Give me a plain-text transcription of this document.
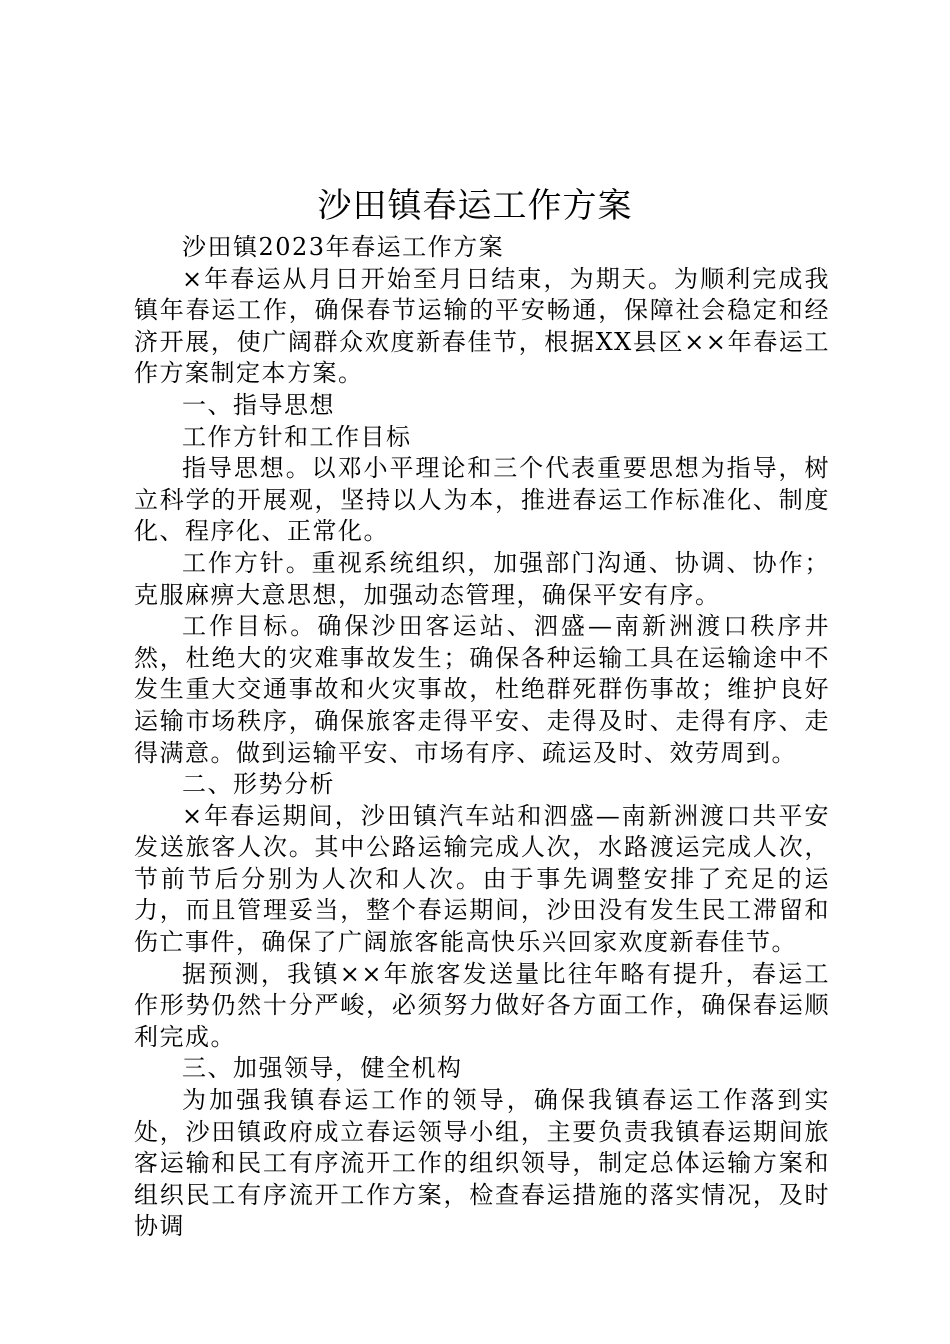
沙田镇春运工作方案

沙田镇2023年春运工作方案

×年春运从月日开始至月日结束，为期天。为顺利完成我镇年春运工作，确保春节运输的平安畅通，保障社会稳定和经济开展，使广阔群众欢度新春佳节，根据XX县区××年春运工作方案制定本方案。

一、指导思想

工作方针和工作目标

指导思想。以邓小平理论和三个代表重要思想为指导，树立科学的开展观，坚持以人为本，推进春运工作标准化、制度化、程序化、正常化。

工作方针。重视系统组织，加强部门沟通、协调、协作；克服麻痹大意思想，加强动态管理，确保平安有序。

工作目标。确保沙田客运站、泗盛—南新洲渡口秩序井然，杜绝大的灾难事故发生；确保各种运输工具在运输途中不发生重大交通事故和火灾事故，杜绝群死群伤事故；维护良好运输市场秩序，确保旅客走得平安、走得及时、走得有序、走得满意。做到运输平安、市场有序、疏运及时、效劳周到。

二、形势分析

×年春运期间，沙田镇汽车站和泗盛—南新洲渡口共平安发送旅客人次。其中公路运输完成人次，水路渡运完成人次，节前节后分别为人次和人次。由于事先调整安排了充足的运力，而且管理妥当，整个春运期间，沙田没有发生民工滞留和伤亡事件，确保了广阔旅客能高快乐兴回家欢度新春佳节。

据预测，我镇××年旅客发送量比往年略有提升，春运工作形势仍然十分严峻，必须努力做好各方面工作，确保春运顺利完成。

三、加强领导，健全机构

为加强我镇春运工作的领导，确保我镇春运工作落到实处，沙田镇政府成立春运领导小组，主要负责我镇春运期间旅客运输和民工有序流开工作的组织领导，制定总体运输方案和组织民工有序流开工作方案，检查春运措施的落实情况，及时协调
